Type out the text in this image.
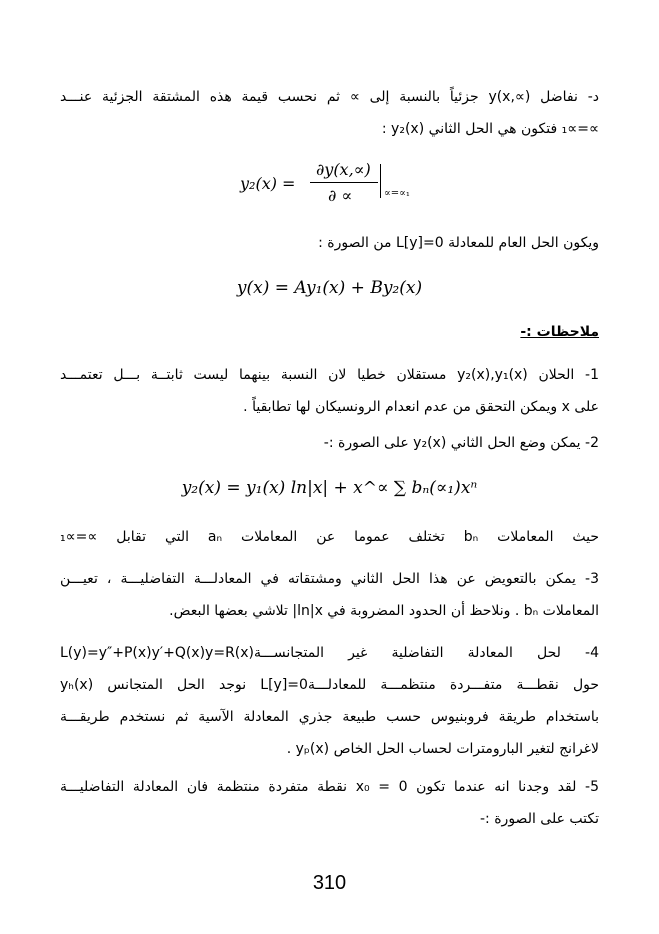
د- نفاضل y(x,∝) جزئياً بالنسبة إلى ∝ ثم نحسب قيمة هذه المشتقة الجزئية عنـــد
∝=∝₁ فتكون هي الحل الثاني y₂(x) :
y₂(x) =
∂y(x,∝)
∂ ∝	∝=∝₁
ويكون الحل العام للمعادلة L[y]=0 من الصورة :
y(x) = Ay₁(x) + By₂(x)
ملاحظات :-
1- الحلان y₂(x),y₁(x) مستقلان خطيا لان النسبة بينهما ليست ثابتــة بـــل تعتمـــد
على x ويمكن التحقق من عدم انعدام الرونسيكان لها تطابقياً .
2- يمكن وضع الحل الثاني y₂(x) على الصورة :-
y₂(x) = y₁(x) ln|x| + x^∝ ∑ bₙ(∝₁)xⁿ
حيث المعاملات bₙ تختلف عموما عن المعاملات aₙ التي تقابل ∝=∝₁
3- يمكن بالتعويض عن هذا الحل الثاني ومشتقاته في المعادلـــة التفاضليـــة ، تعيـــن
المعاملات bₙ . ونلاحظ أن الحدود المضروبة في ln|x| تلاشي بعضها البعض.
4- لحل المعادلة التفاضلية غير المتجانســـةL(y)=y″+P(x)y′+Q(x)y=R(x)
حول نقطـــة متفـــردة منتظمـــة للمعادلـــةL[y]=0 نوجد الحل المتجانس yₕ(x)
باستخدام طريقة فروبنيوس حسب طبيعة جذري المعادلة الآسية ثم نستخدم طريقـــة
لاغرانج لتغير البارومترات لحساب الحل الخاص yₚ(x) .
5- لقد وجدنا انه عندما تكون x₀ = 0 نقطة متفردة منتظمة فان المعادلة التفاضليـــة
تكتب على الصورة :-
310
